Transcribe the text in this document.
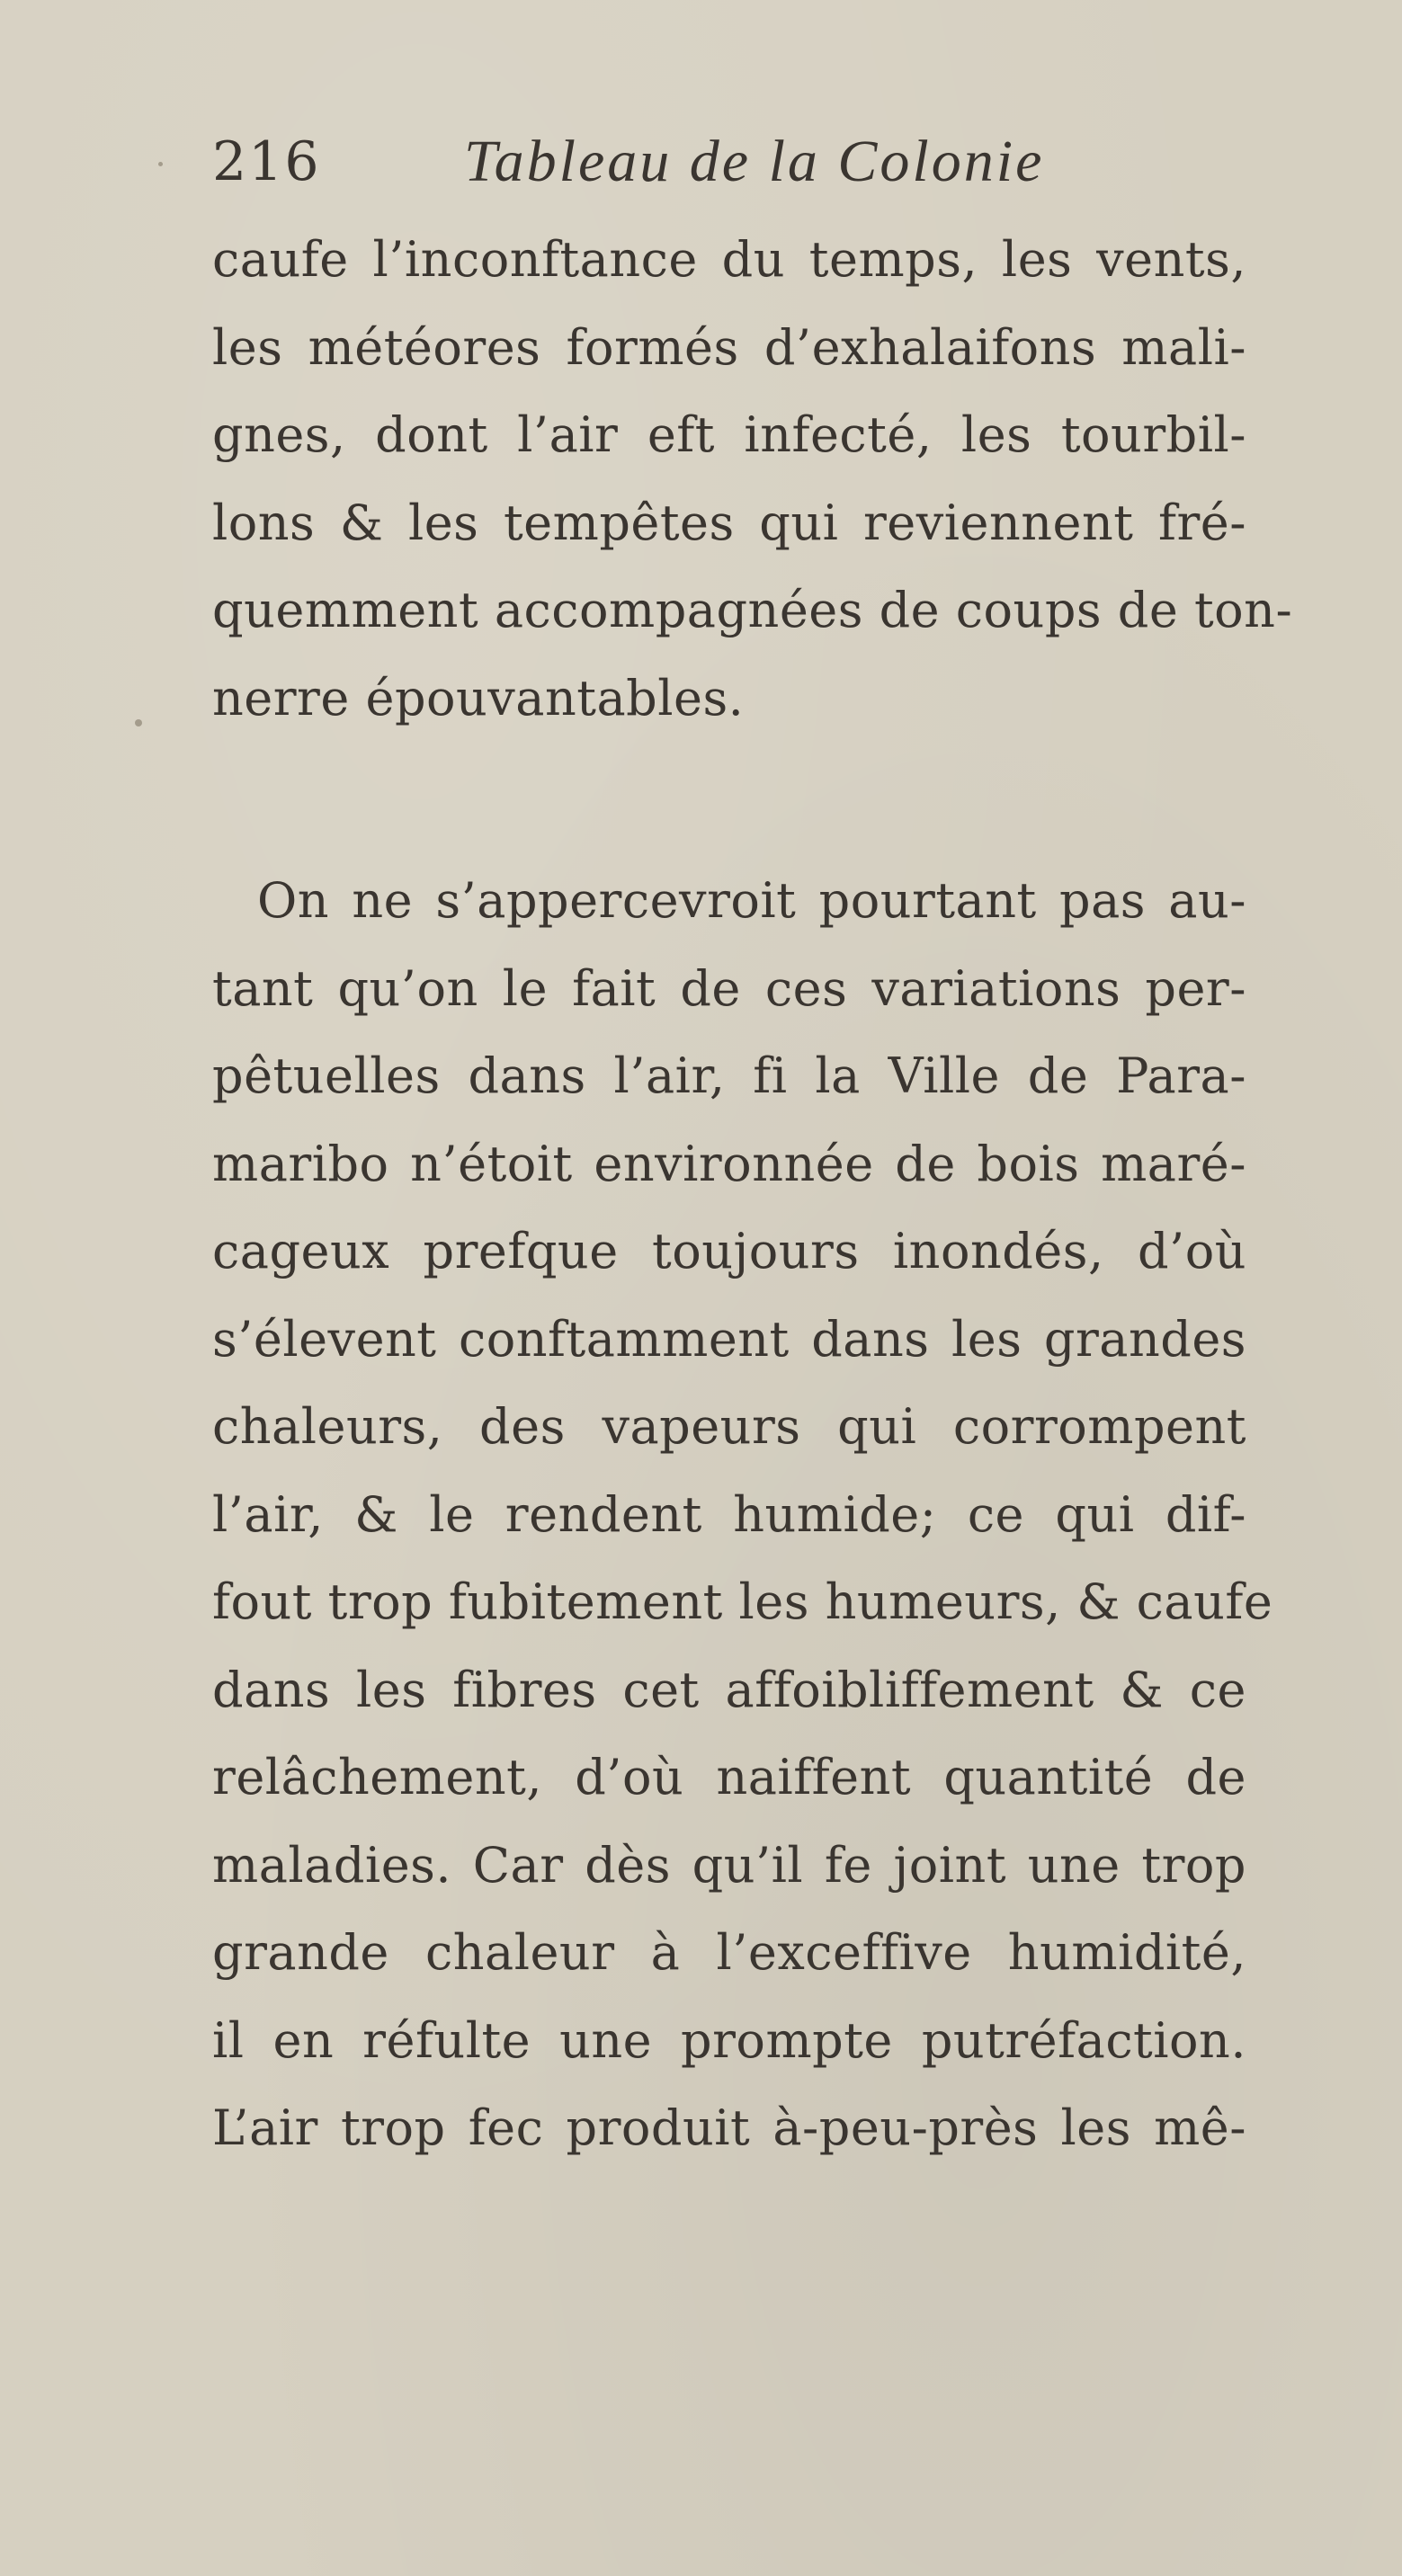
216 Tableau de la Colonie
caufe l’inconftance du temps, les vents,
les météores formés d’exhalaifons mali-
gnes, dont l’air eft infecté, les tourbil-
lons & les tempêtes qui reviennent fré-
quemment accompagnées de coups de ton-
nerre épouvantables.
On ne s’appercevroit pourtant pas au-
tant qu’on le fait de ces variations per-
pêtuelles dans l’air, fi la Ville de Para-
maribo n’étoit environnée de bois maré-
cageux prefque toujours inondés, d’où
s’élevent conftamment dans les grandes
chaleurs, des vapeurs qui corrompent
l’air, & le rendent humide; ce qui dif-
fout trop fubitement les humeurs, & caufe
dans les fibres cet affoibliffement & ce
relâchement, d’où naiffent quantité de
maladies. Car dès qu’il fe joint une trop
grande chaleur à l’exceffive humidité,
il en réfulte une prompte putréfaction.
L’air trop fec produit à-peu-près les mê-
